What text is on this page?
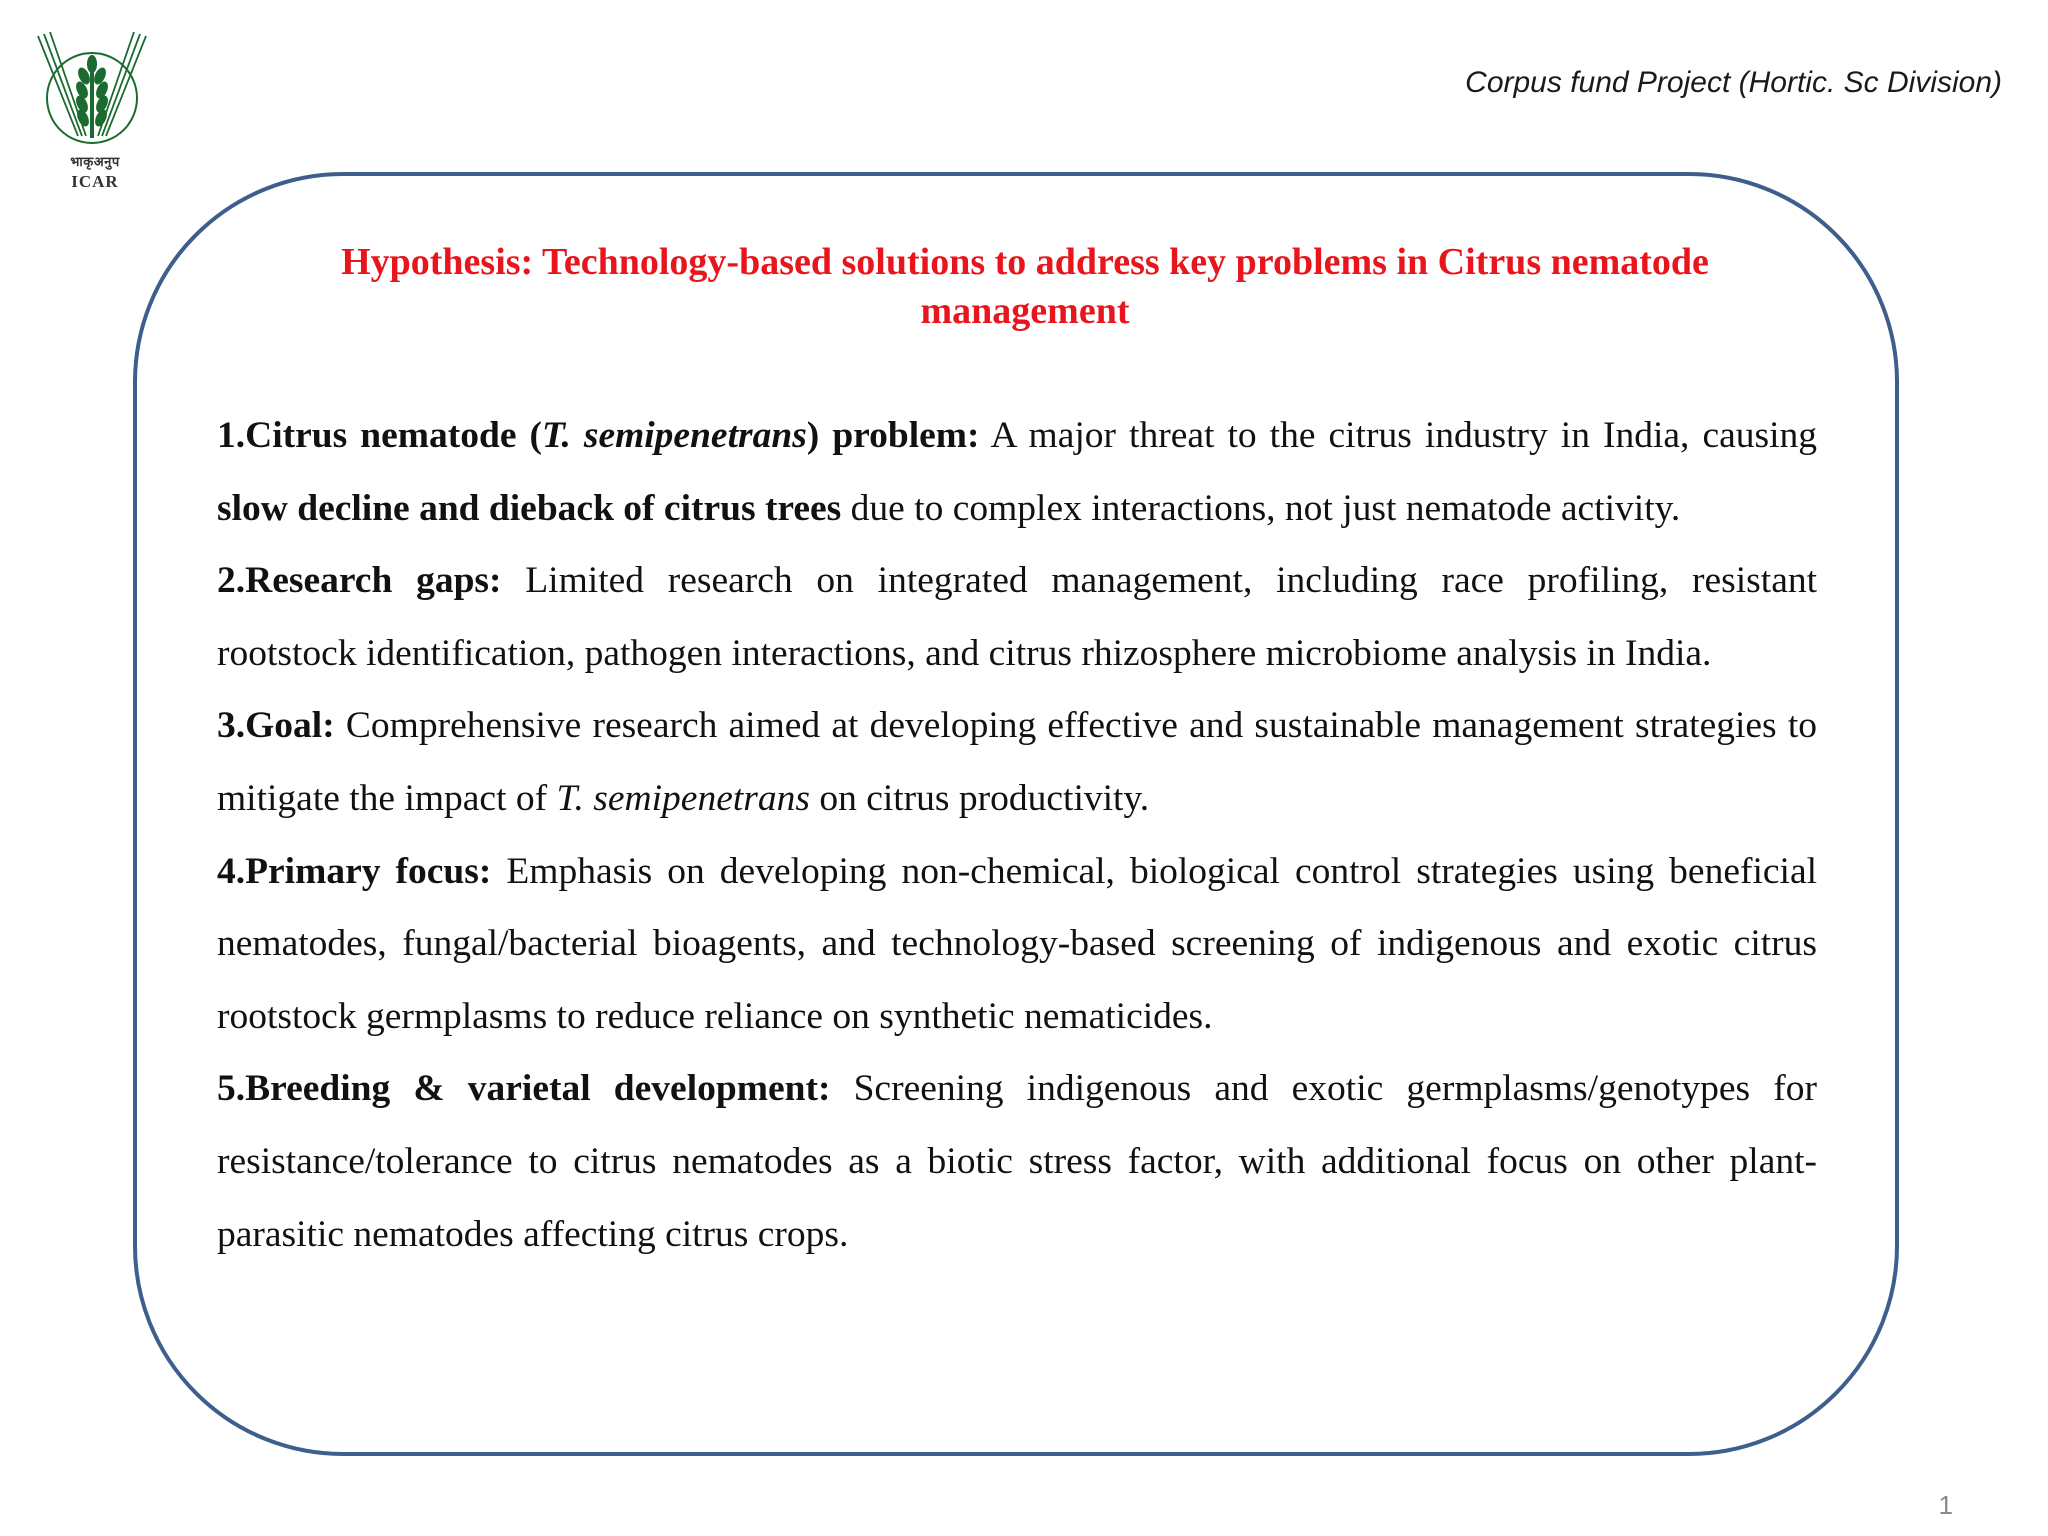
भाकृअनुप
ICAR
Corpus fund Project (Hortic. Sc Division)
Hypothesis: Technology-based solutions to address key problems in Citrus nematode management

1.Citrus nematode (T. semipenetrans) problem: A major threat to the citrus industry in India, causing slow decline and dieback of citrus trees due to complex interactions, not just nematode activity.

2.Research gaps: Limited research on integrated management, including race profiling, resistant rootstock identification, pathogen interactions, and citrus rhizosphere microbiome analysis in India.

3.Goal: Comprehensive research aimed at developing effective and sustainable management strategies to mitigate the impact of T. semipenetrans on citrus productivity.

4.Primary focus: Emphasis on developing non-chemical, biological control strategies using beneficial nematodes, fungal/bacterial bioagents, and technology-based screening of indigenous and exotic citrus rootstock germplasms to reduce reliance on synthetic nematicides.

5.Breeding & varietal development: Screening indigenous and exotic germplasms/genotypes for resistance/tolerance to citrus nematodes as a biotic stress factor, with additional focus on other plant-parasitic nematodes affecting citrus crops.

1
